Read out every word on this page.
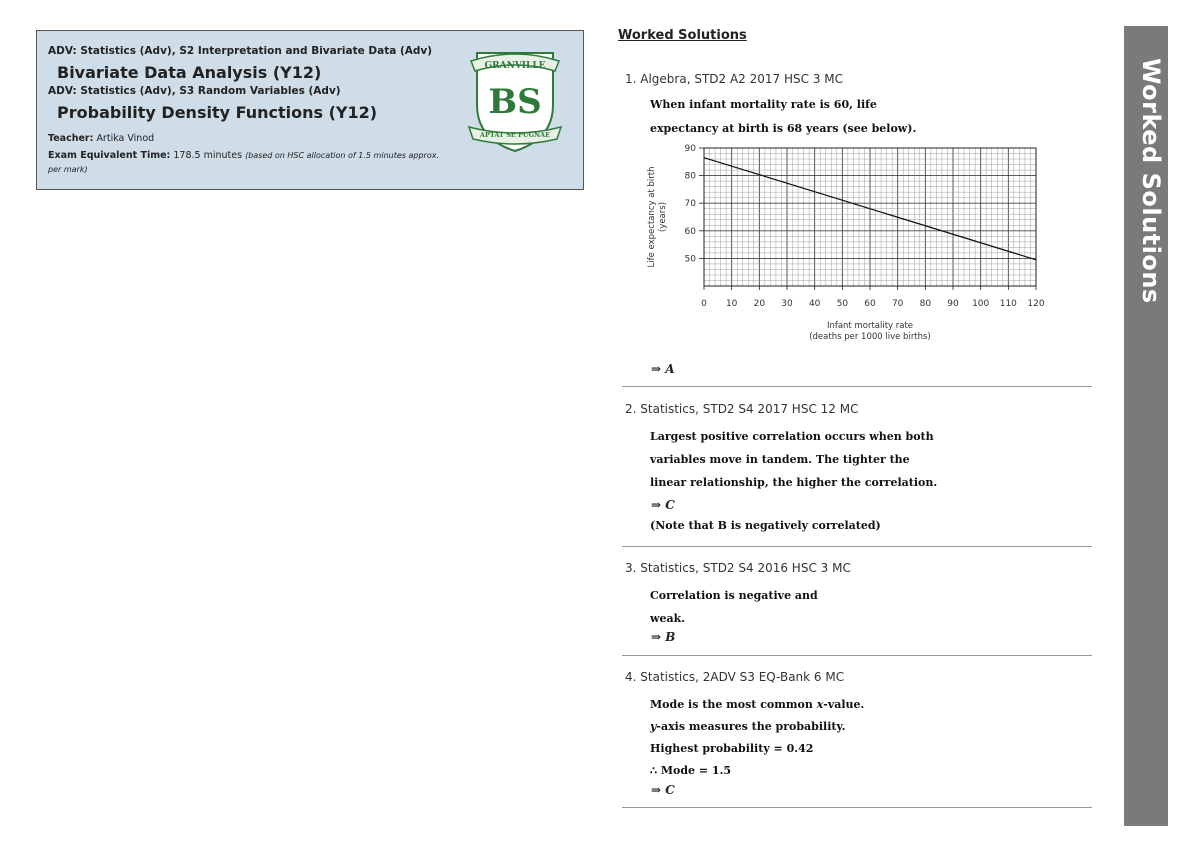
ADV: Statistics (Adv), S2 Interpretation and Bivariate Data (Adv)
Bivariate Data Analysis (Y12)
ADV: Statistics (Adv), S3 Random Variables (Adv)
Probability Density Functions (Y12)
Teacher: Artika Vinod
Exam Equivalent Time: 178.5 minutes (based on HSC allocation of 1.5 minutes approx.
per mark)
GRANVILLE
BS
APTAT SE PUGNAE
Worked Solutions
1. Algebra, STD2 A2 2017 HSC 3 MC
When infant mortality rate is 60, life
expectancy at birth is 68 years (see below).
0 10 20 30 40 50 60 70 80 90 100 110 120
50
60
70
80
90
Infant mortality rate
(deaths per 1000 live births)
Life expectancy at birth (years)
⇒ A
2. Statistics, STD2 S4 2017 HSC 12 MC
Largest positive correlation occurs when both
variables move in tandem. The tighter the
linear relationship, the higher the correlation.
⇒ C
(Note that B is negatively correlated)
3. Statistics, STD2 S4 2016 HSC 3 MC
Correlation is negative and
weak.
⇒ B
4. Statistics, 2ADV S3 EQ-Bank 6 MC
Mode is the most common x-value.
y-axis measures the probability.
Highest probability = 0.42
∴ Mode = 1.5
⇒ C
Worked Solutions
